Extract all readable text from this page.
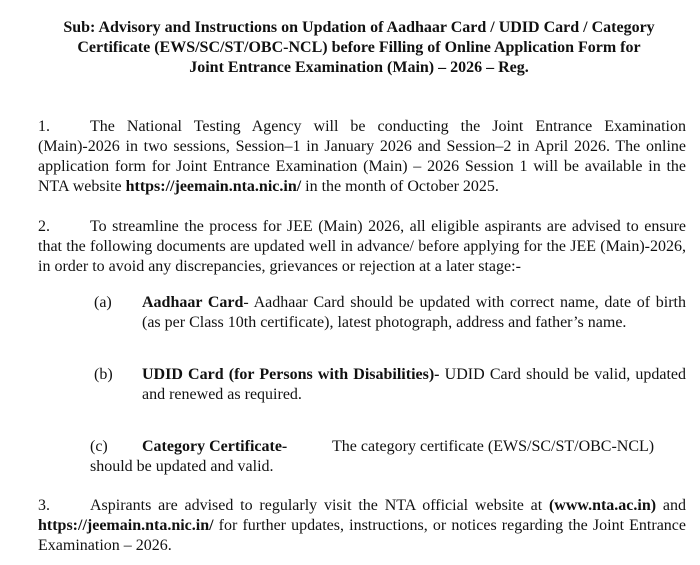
Sub: Advisory and Instructions on Updation of Aadhaar Card / UDID Card / Category
Certificate (EWS/SC/ST/OBC-NCL) before Filling of Online Application Form for
Joint Entrance Examination (Main) – 2026 – Reg.

1.	The National Testing Agency will be conducting the Joint Entrance Examination (Main)-2026 in two sessions, Session–1 in January 2026 and Session–2 in April 2026. The online application form for Joint Entrance Examination (Main) – 2026 Session 1 will be available in the NTA website https://jeemain.nta.nic.in/ in the month of October 2025.

2.	To streamline the process for JEE (Main) 2026, all eligible aspirants are advised to ensure that the following documents are updated well in advance/ before applying for the JEE (Main)-2026, in order to avoid any discrepancies, grievances or rejection at a later stage:-

(a) Aadhaar Card- Aadhaar Card should be updated with correct name, date of birth (as per Class 10th certificate), latest photograph, address and father’s name.
(b) UDID Card (for Persons with Disabilities)- UDID Card should be valid, updated and renewed as required.
(c) Category Certificate-	The category certificate (EWS/SC/ST/OBC-NCL) should be updated and valid.

3.	Aspirants are advised to regularly visit the NTA official website at (www.nta.ac.in) and https://jeemain.nta.nic.in/ for further updates, instructions, or notices regarding the Joint Entrance Examination – 2026.
